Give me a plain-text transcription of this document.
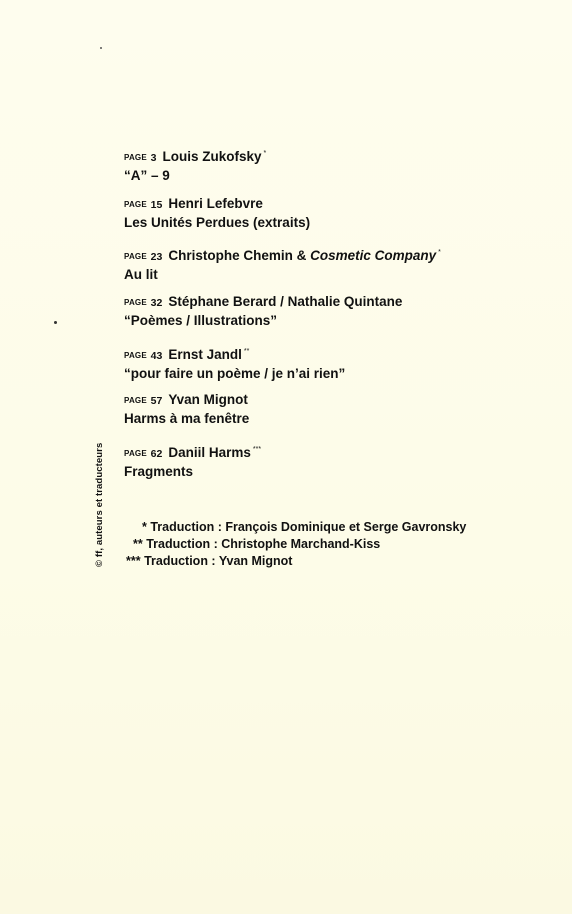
PAGE 3 Louis Zukofsky *
“A” – 9
PAGE 15 Henri Lefebvre
Les Unités Perdues (extraits)
PAGE 23 Christophe Chemin & Cosmetic Company *
Au lit
PAGE 32 Stéphane Berard / Nathalie Quintane
“Poèmes / Illustrations”
PAGE 43 Ernst Jandl **
“pour faire un poème / je n’ai rien”
PAGE 57 Yvan Mignot
Harms à ma fenêtre
PAGE 62 Daniil Harms ***
Fragments
* Traduction : François Dominique et Serge Gavronsky
** Traduction : Christophe Marchand-Kiss
*** Traduction : Yvan Mignot
© ff, auteurs et traducteurs
